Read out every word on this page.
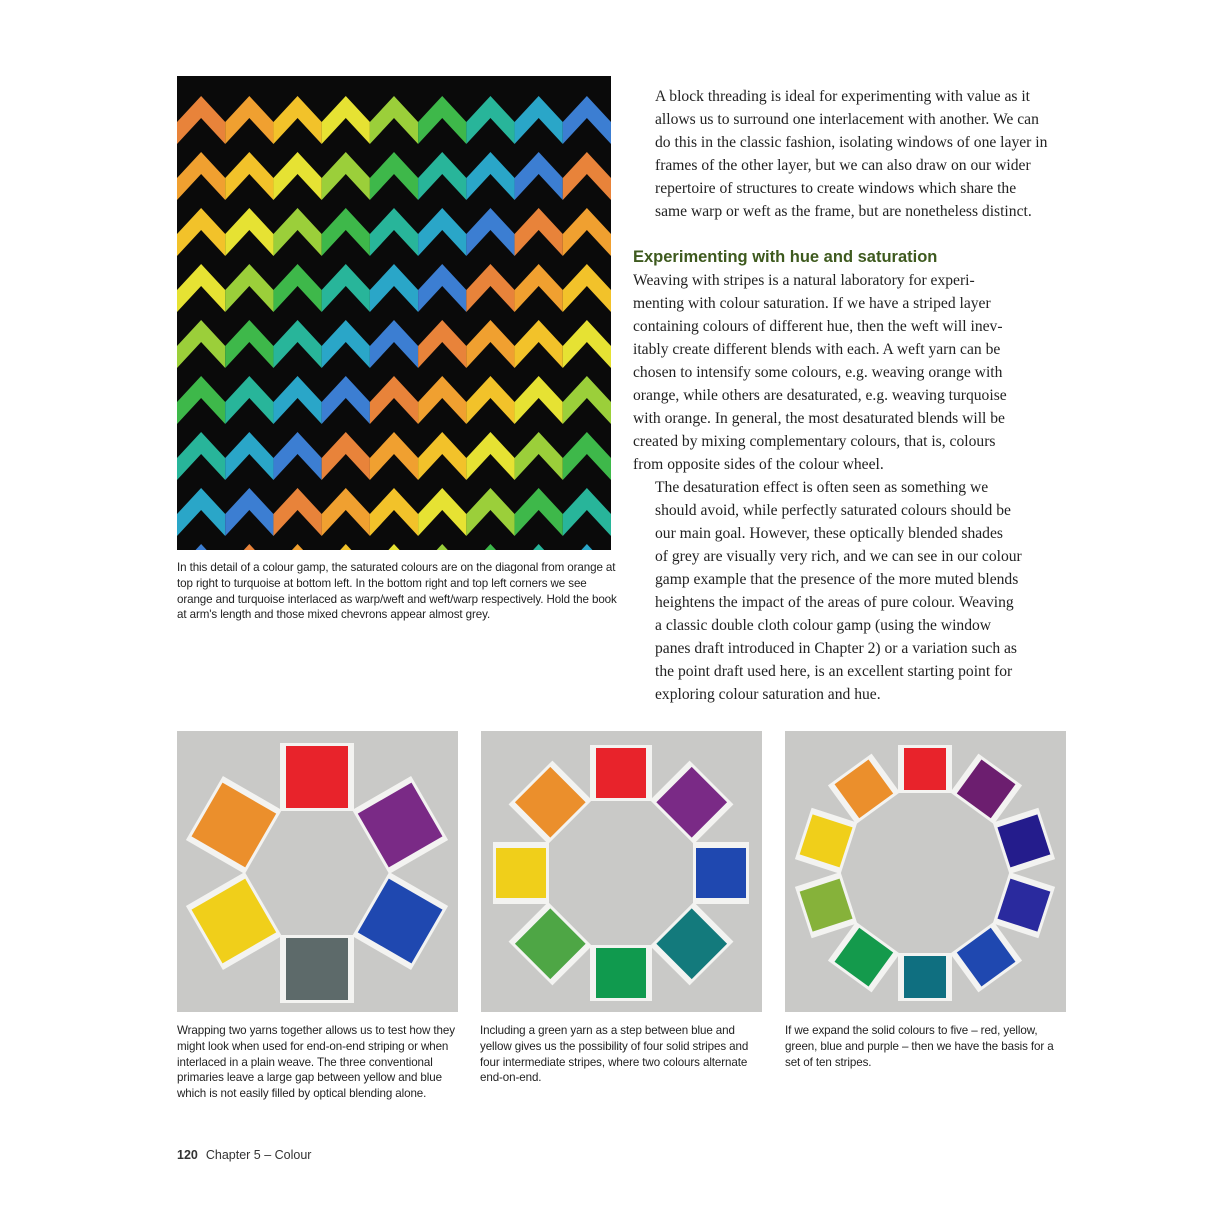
In this detail of a colour gamp, the saturated colours are on the diagonal from orange at top right to turquoise at bottom left. In the bottom right and top left corners we see orange and turquoise interlaced as warp/weft and weft/warp respectively. Hold the book at arm's length and those mixed chevrons appear almost grey.

A block threading is ideal for experimenting with value as it
allows us to surround one interlacement with another. We can
do this in the classic fashion, isolating windows of one layer in
frames of the other layer, but we can also draw on our wider
repertoire of structures to create windows which share the
same warp or weft as the frame, but are nonetheless distinct.

Experimenting with hue and saturation

Weaving with stripes is a natural laboratory for experi-
menting with colour saturation. If we have a striped layer
containing colours of different hue, then the weft will inev-
itably create different blends with each. A weft yarn can be
chosen to intensify some colours, e.g. weaving orange with
orange, while others are desaturated, e.g. weaving turquoise
with orange. In general, the most desaturated blends will be
created by mixing complementary colours, that is, colours
from opposite sides of the colour wheel.

The desaturation effect is often seen as something we
should avoid, while perfectly saturated colours should be
our main goal. However, these optically blended shades
of grey are visually very rich, and we can see in our colour
gamp example that the presence of the more muted blends
heightens the impact of the areas of pure colour. Weaving
a classic double cloth colour gamp (using the window
panes draft introduced in Chapter 2) or a variation such as
the point draft used here, is an excellent starting point for
exploring colour saturation and hue.

Wrapping two yarns together allows us to test how they might look when used for end-on-end striping or when interlaced in a plain weave. The three conventional primaries leave a large gap between yellow and blue which is not easily filled by optical blending alone.
Including a green yarn as a step between blue and yellow gives us the possibility of four solid stripes and four intermediate stripes, where two colours alternate end-on-end.
If we expand the solid colours to five – red, yellow, green, blue and purple – then we have the basis for a set of ten stripes.
120 Chapter 5 – Colour
